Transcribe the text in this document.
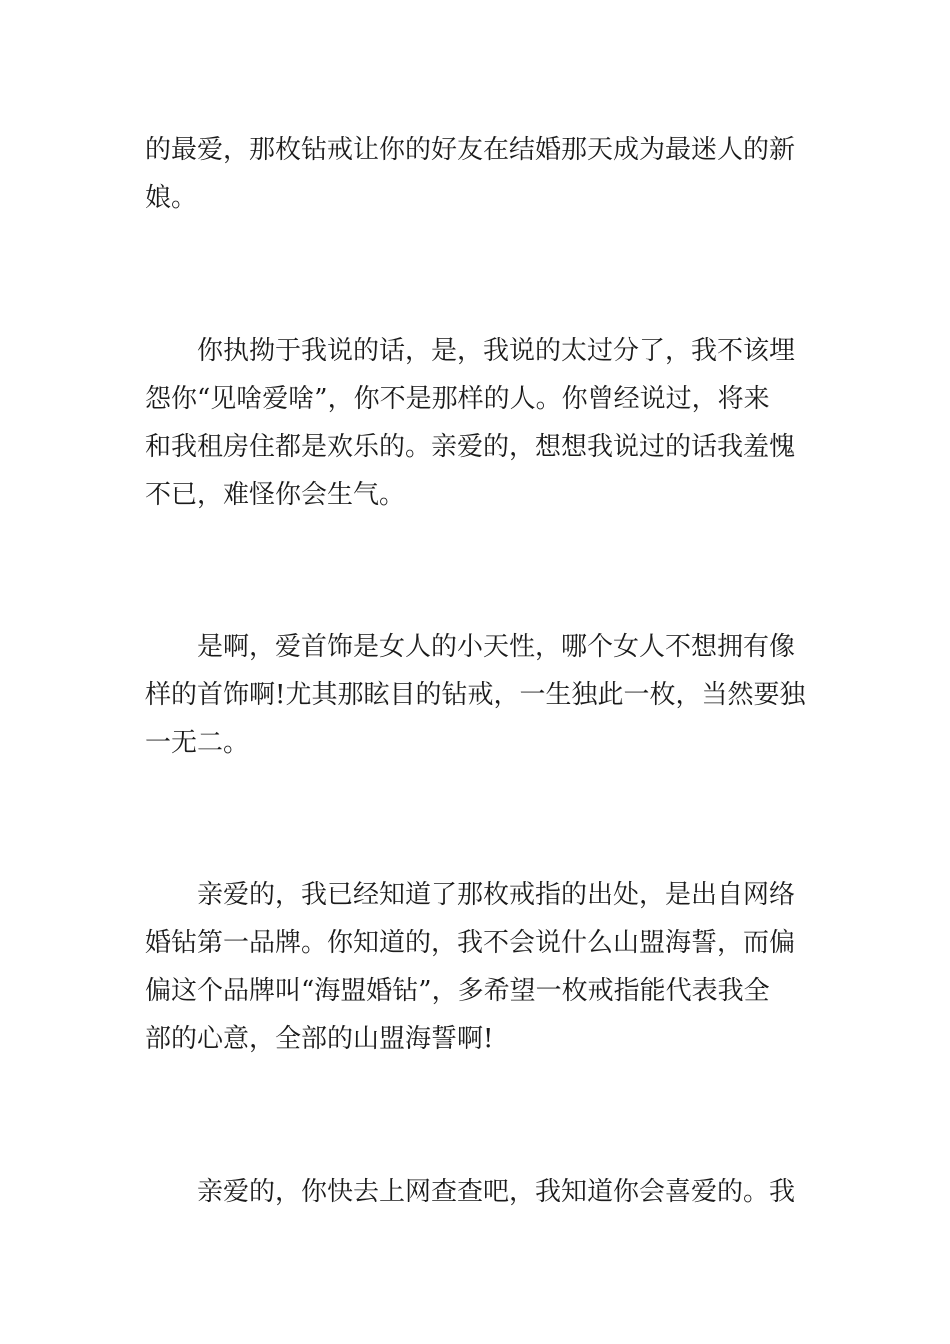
的最爱，那枚钻戒让你的好友在结婚那天成为最迷人的新
娘。
　　你执拗于我说的话，是，我说的太过分了，我不该埋
怨你“见啥爱啥”，你不是那样的人。你曾经说过，将来
和我租房住都是欢乐的。亲爱的，想想我说过的话我羞愧
不已，难怪你会生气。
　　是啊，爱首饰是女人的小天性，哪个女人不想拥有像
样的首饰啊!尤其那眩目的钻戒，一生独此一枚，当然要独
一无二。
　　亲爱的，我已经知道了那枚戒指的出处，是出自网络
婚钻第一品牌。你知道的，我不会说什么山盟海誓，而偏
偏这个品牌叫“海盟婚钻”，多希望一枚戒指能代表我全
部的心意，全部的山盟海誓啊!
　　亲爱的，你快去上网查查吧，我知道你会喜爱的。我
